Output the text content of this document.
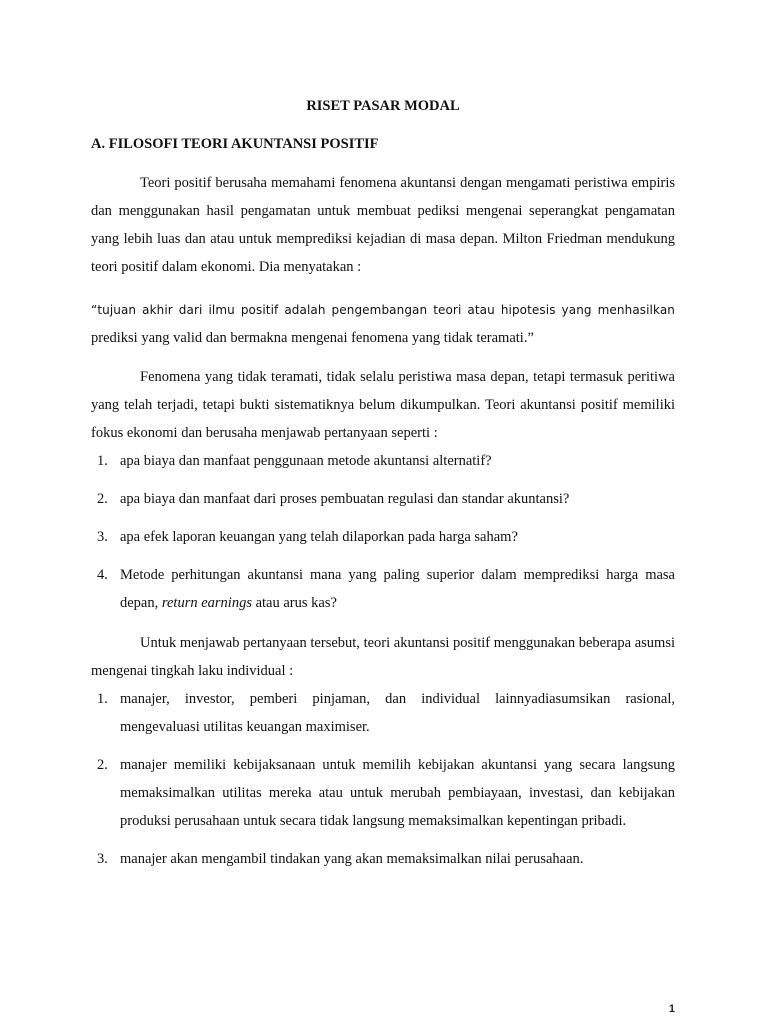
RISET PASAR MODAL
A. FILOSOFI TEORI AKUNTANSI POSITIF

Teori positif berusaha memahami fenomena akuntansi dengan mengamati peristiwa empiris dan menggunakan hasil pengamatan untuk membuat pediksi mengenai seperangkat pengamatan yang lebih luas dan atau untuk memprediksi kejadian di masa depan. Milton Friedman mendukung teori positif dalam ekonomi. Dia menyatakan :

“tujuan akhir dari ilmu positif adalah pengembangan teori atau hipotesis yang menhasilkan prediksi yang valid dan bermakna mengenai fenomena yang tidak teramati.”

Fenomena yang tidak teramati, tidak selalu peristiwa masa depan, tetapi termasuk peritiwa yang telah terjadi, tetapi bukti sistematiknya belum dikumpulkan. Teori akuntansi positif memiliki fokus ekonomi dan berusaha menjawab pertanyaan seperti :

1. apa biaya dan manfaat penggunaan metode akuntansi alternatif?
2. apa biaya dan manfaat dari proses pembuatan regulasi dan standar akuntansi?
3. apa efek laporan keuangan yang telah dilaporkan pada harga saham?
4. Metode perhitungan akuntansi mana yang paling superior dalam memprediksi harga masa depan, return earnings atau arus kas?

Untuk menjawab pertanyaan tersebut, teori akuntansi positif menggunakan beberapa asumsi mengenai tingkah laku individual :

1. manajer, investor, pemberi pinjaman, dan individual lainnyadiasumsikan rasional, mengevaluasi utilitas keuangan maximiser.
2. manajer memiliki kebijaksanaan untuk memilih kebijakan akuntansi yang secara langsung memaksimalkan utilitas mereka atau untuk merubah pembiayaan, investasi, dan kebijakan produksi perusahaan untuk secara tidak langsung memaksimalkan kepentingan pribadi.
3. manajer akan mengambil tindakan yang akan memaksimalkan nilai perusahaan.
1
